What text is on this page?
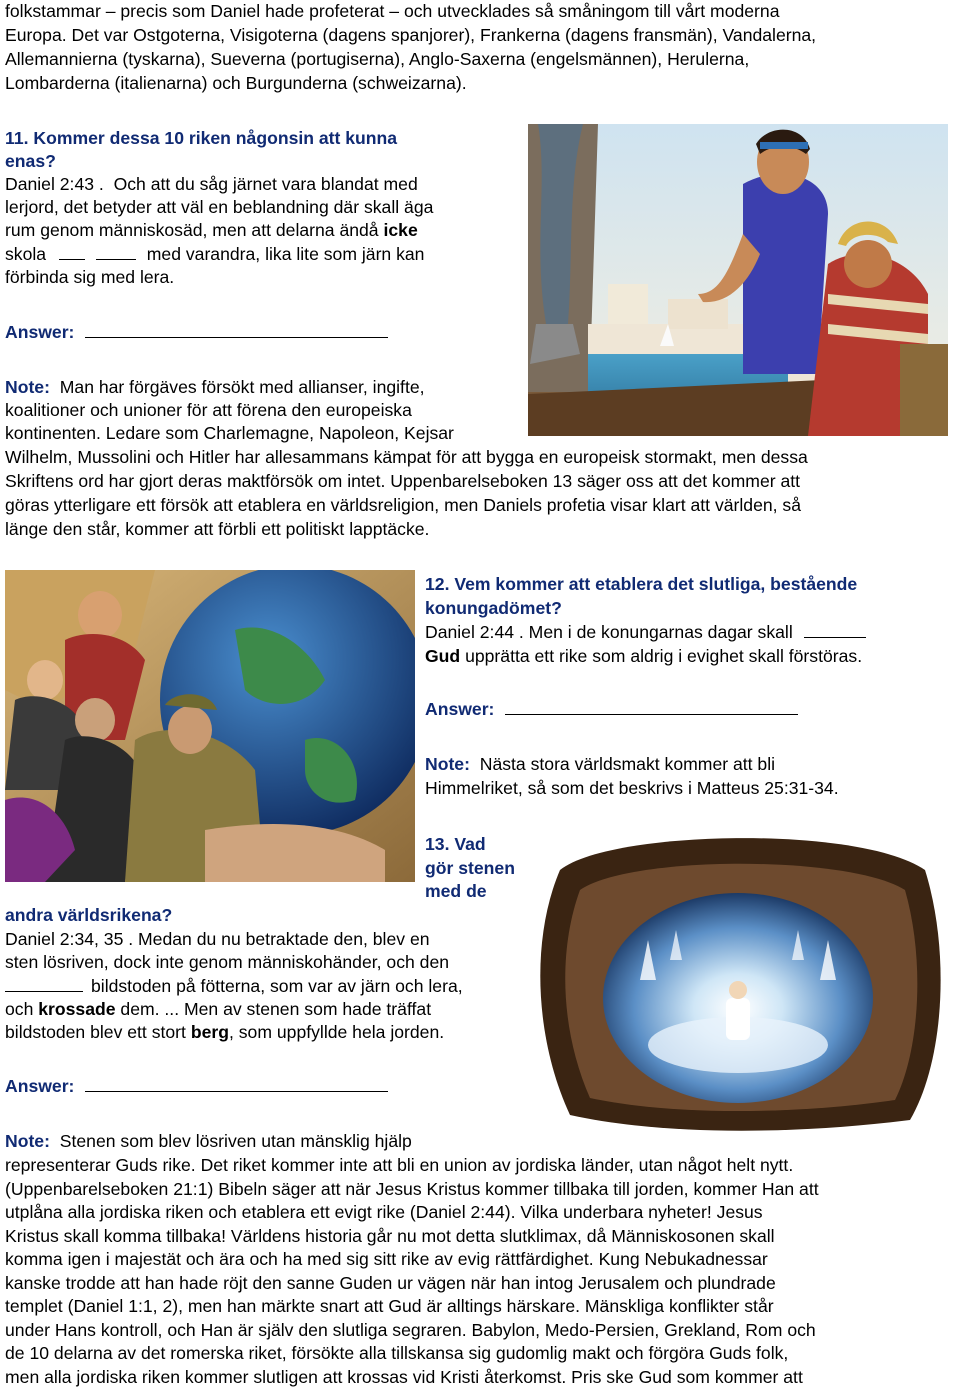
folkstammar – precis som Daniel hade profeterat – och utvecklades så småningom till vårt moderna

Europa. Det var Ostgoterna, Visigoterna (dagens spanjorer), Frankerna (dagens fransmän), Vandalerna,

Allemannierna (tyskarna), Sueverna (portugiserna), Anglo-Saxerna (engelsmännen), Herulerna,

Lombarderna (italienarna) och Burgunderna (schweizarna).

11. Kommer dessa 10 riken någonsin att kunna

enas?

Daniel 2:43 . Och att du såg järnet vara blandat med

lerjord, det betyder att väl en beblandning där skall äga

rum genom människosäd, men att delarna ändå icke

skola	med varandra, lika lite som järn kan

förbinda sig med lera.

Answer:

Note: Man har förgäves försökt med allianser, ingifte,

koalitioner och unioner för att förena den europeiska

kontinenten. Ledare som Charlemagne, Napoleon, Kejsar

Wilhelm, Mussolini och Hitler har allesammans kämpat för att bygga en europeisk stormakt, men dessa

Skriftens ord har gjort deras maktförsök om intet. Uppenbarelseboken 13 säger oss att det kommer att

göras ytterligare ett försök att etablera en världsreligion, men Daniels profetia visar klart att världen, så

länge den står, kommer att förbli ett politiskt lapptäcke.

12. Vem kommer att etablera det slutliga, bestående

konungadömet?

Daniel 2:44 . Men i de konungarnas dagar skall

Gud upprätta ett rike som aldrig i evighet skall förstöras.

Answer:

Note: Nästa stora världsmakt kommer att bli

Himmelriket, så som det beskrivs i Matteus 25:31-34.

13. Vad

gör stenen

med de

andra världsrikena?

Daniel 2:34, 35 . Medan du nu betraktade den, blev en

sten lösriven, dock inte genom människohänder, och den

bildstoden på fötterna, som var av järn och lera,

och krossade dem. ... Men av stenen som hade träffat

bildstoden blev ett stort berg, som uppfyllde hela jorden.

Answer:

Note: Stenen som blev lösriven utan mänsklig hjälp

representerar Guds rike. Det riket kommer inte att bli en union av jordiska länder, utan något helt nytt.

(Uppenbarelseboken 21:1) Bibeln säger att när Jesus Kristus kommer tillbaka till jorden, kommer Han att

utplåna alla jordiska riken och etablera ett evigt rike (Daniel 2:44). Vilka underbara nyheter! Jesus

Kristus skall komma tillbaka! Världens historia går nu mot detta slutklimax, då Människosonen skall

komma igen i majestät och ära och ha med sig sitt rike av evig rättfärdighet. Kung Nebukadnessar

kanske trodde att han hade röjt den sanne Guden ur vägen när han intog Jerusalem och plundrade

templet (Daniel 1:1, 2), men han märkte snart att Gud är alltings härskare. Mänskliga konflikter står

under Hans kontroll, och Han är själv den slutliga segraren. Babylon, Medo-Persien, Grekland, Rom och

de 10 delarna av det romerska riket, försökte alla tillskansa sig gudomlig makt och förgöra Guds folk,

men alla jordiska riken kommer slutligen att krossas vid Kristi återkomst. Pris ske Gud som kommer att
